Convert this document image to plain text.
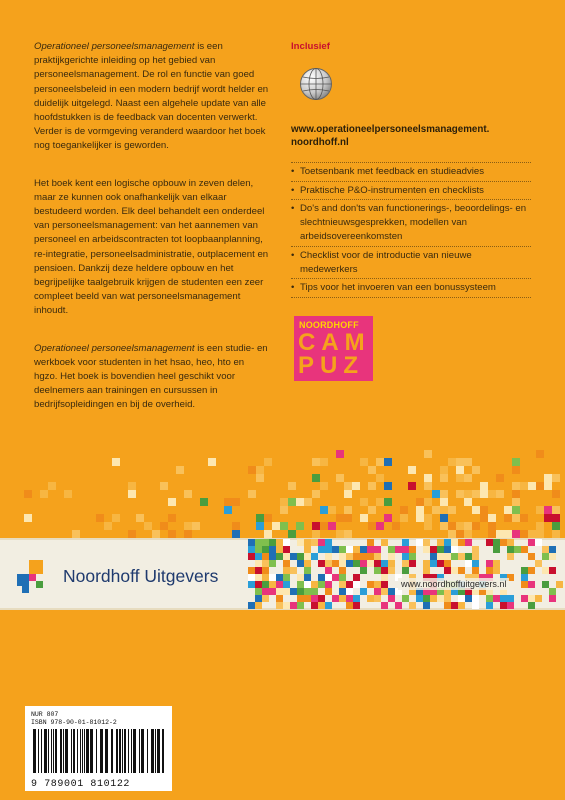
Operationeel personeelsmanagement is een praktijkgerichte inleiding op het gebied van personeelsmanagement. De rol en functie van goed personeelsbeleid in een modern bedrijf wordt helder en duidelijk uitgelegd. Naast een algehele update van alle hoofdstukken is de feedback van docenten verwerkt. Verder is de vormgeving veranderd waardoor het boek nog toegankelijker is geworden.

Het boek kent een logische opbouw in zeven delen, maar ze kunnen ook onafhankelijk van elkaar bestudeerd worden. Elk deel behandelt een onderdeel van personeelsmanagement: van het aannemen van personeel en arbeidscontracten tot loopbaanplanning, re-integratie, personeelsadministratie, outplacement en pensioen. Dankzij deze heldere opbouw en het begrijpelijke taalgebruik krijgen de studenten een zeer compleet beeld van wat personeelsmanagement inhoudt.

Operationeel personeelsmanagement is een studie- en werkboek voor studenten in het hsao, heo, hto en hgzo. Het boek is bovendien heel geschikt voor deelnemers aan trainingen en cursussen in bedrijfsopleidingen en bij de overheid.

Inclusief
www.operationeelpersoneelsmanagement.
noordhoff.nl
• Toetsenbank met feedback en studieadvies
• Praktische P&O-instrumenten en checklists
• Do's and don'ts van functionerings-, beoordelings- en slechtnieuwsgesprekken, modellen van arbeidsovereenkomsten
• Checklist voor de introductie van nieuwe medewerkers
• Tips voor het invoeren van een bonussysteem
NOORDHOFF
CAM
PUZ
Noordhoff Uitgevers	www.noordhoffuitgevers.nl
NUR 807
ISBN 978-90-01-81012-2
9 789001 810122
